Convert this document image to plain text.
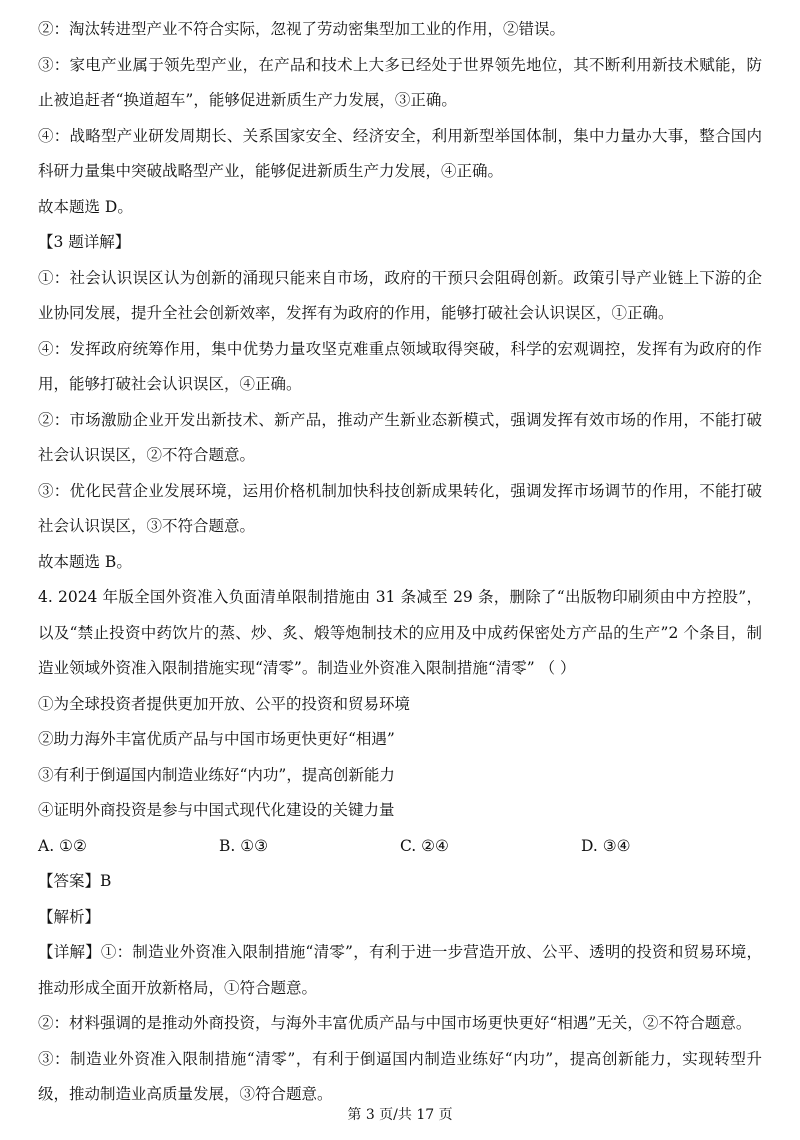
②：淘汰转进型产业不符合实际，忽视了劳动密集型加工业的作用，②错误。

③：家电产业属于领先型产业，在产品和技术上大多已经处于世界领先地位，其不断利用新技术赋能，防止被追赶者“换道超车”，能够促进新质生产力发展，③正确。

④：战略型产业研发周期长、关系国家安全、经济安全，利用新型举国体制，集中力量办大事，整合国内科研力量集中突破战略型产业，能够促进新质生产力发展，④正确。

故本题选 D。

【3 题详解】

①：社会认识误区认为创新的涌现只能来自市场，政府的干预只会阻碍创新。政策引导产业链上下游的企业协同发展，提升全社会创新效率，发挥有为政府的作用，能够打破社会认识误区，①正确。

④：发挥政府统筹作用，集中优势力量攻坚克难重点领域取得突破，科学的宏观调控，发挥有为政府的作用，能够打破社会认识误区，④正确。

②：市场激励企业开发出新技术、新产品，推动产生新业态新模式，强调发挥有效市场的作用，不能打破社会认识误区，②不符合题意。

③：优化民营企业发展环境，运用价格机制加快科技创新成果转化，强调发挥市场调节的作用，不能打破社会认识误区，③不符合题意。

故本题选 B。

4. 2024 年版全国外资准入负面清单限制措施由 31 条减至 29 条，删除了“出版物印刷须由中方控股”，以及“禁止投资中药饮片的蒸、炒、炙、煅等炮制技术的应用及中成药保密处方产品的生产”2 个条目，制造业领域外资准入限制措施实现“清零”。制造业外资准入限制措施“清零” （ ）

①为全球投资者提供更加开放、公平的投资和贸易环境

②助力海外丰富优质产品与中国市场更快更好“相遇”

③有利于倒逼国内制造业练好“内功”，提高创新能力

④证明外商投资是参与中国式现代化建设的关键力量

A. ①②	B. ①③	C. ②④	D. ③④

【答案】B

【解析】

【详解】①：制造业外资准入限制措施“清零”，有利于进一步营造开放、公平、透明的投资和贸易环境，推动形成全面开放新格局，①符合题意。

②：材料强调的是推动外商投资，与海外丰富优质产品与中国市场更快更好“相遇”无关，②不符合题意。

③：制造业外资准入限制措施“清零”，有利于倒逼国内制造业练好“内功”，提高创新能力，实现转型升级，推动制造业高质量发展，③符合题意。

第 3 页/共 17 页
